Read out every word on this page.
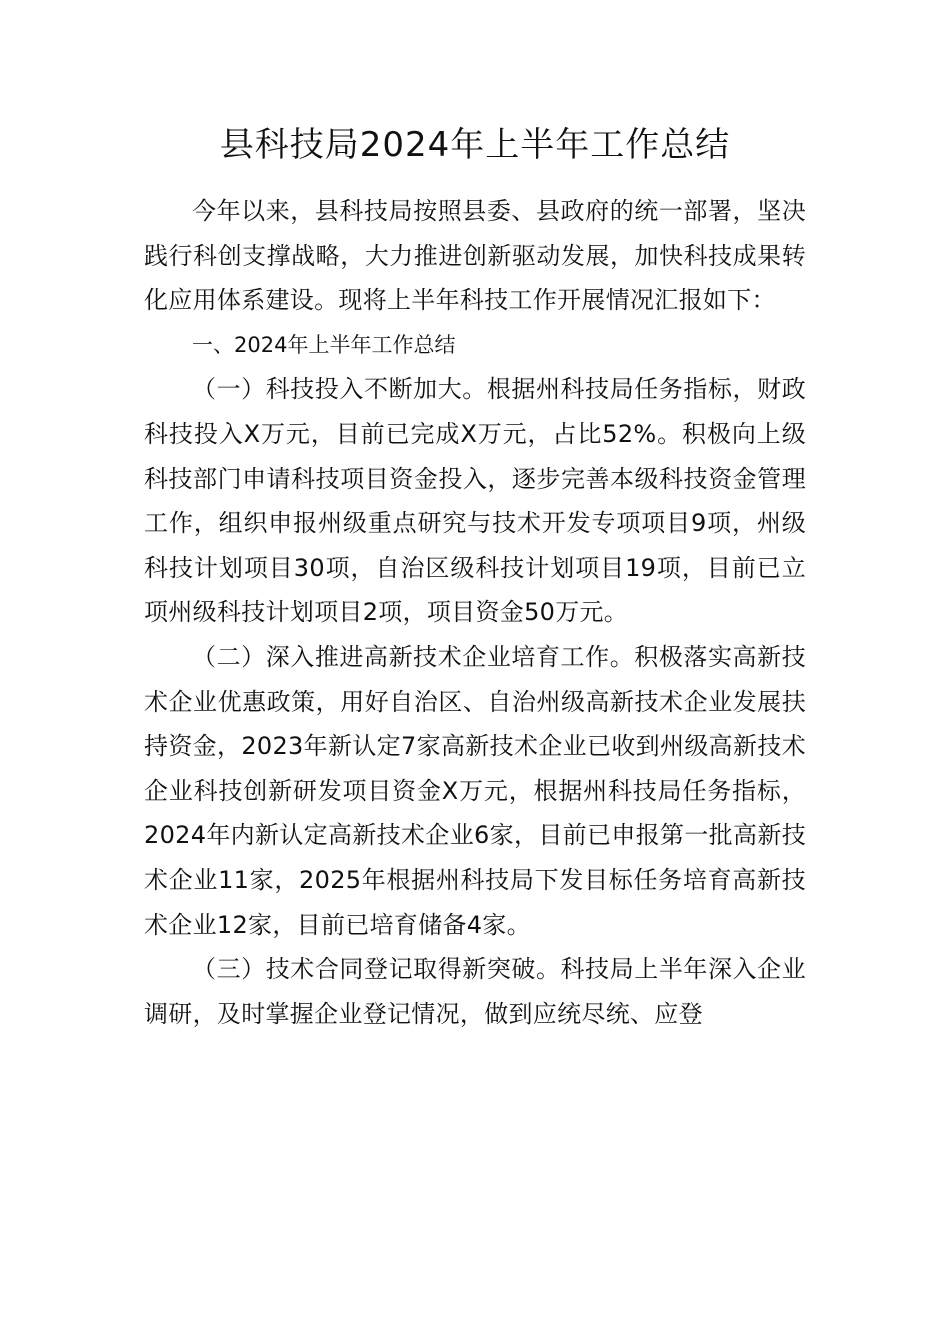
县科技局2024年上半年工作总结

今年以来，县科技局按照县委、县政府的统一部署，坚决践行科创支撑战略，大力推进创新驱动发展，加快科技成果转化应用体系建设。现将上半年科技工作开展情况汇报如下：

一、2024年上半年工作总结

（一）科技投入不断加大。根据州科技局任务指标，财政科技投入X万元，目前已完成X万元，占比52%。积极向上级科技部门申请科技项目资金投入，逐步完善本级科技资金管理工作，组织申报州级重点研究与技术开发专项项目9项，州级科技计划项目30项，自治区级科技计划项目19项，目前已立项州级科技计划项目2项，项目资金50万元。

（二）深入推进高新技术企业培育工作。积极落实高新技术企业优惠政策，用好自治区、自治州级高新技术企业发展扶持资金，2023年新认定7家高新技术企业已收到州级高新技术企业科技创新研发项目资金X万元，根据州科技局任务指标，2024年内新认定高新技术企业6家，目前已申报第一批高新技术企业11家，2025年根据州科技局下发目标任务培育高新技术企业12家，目前已培育储备4家。

（三）技术合同登记取得新突破。科技局上半年深入企业调研，及时掌握企业登记情况，做到应统尽统、应登
